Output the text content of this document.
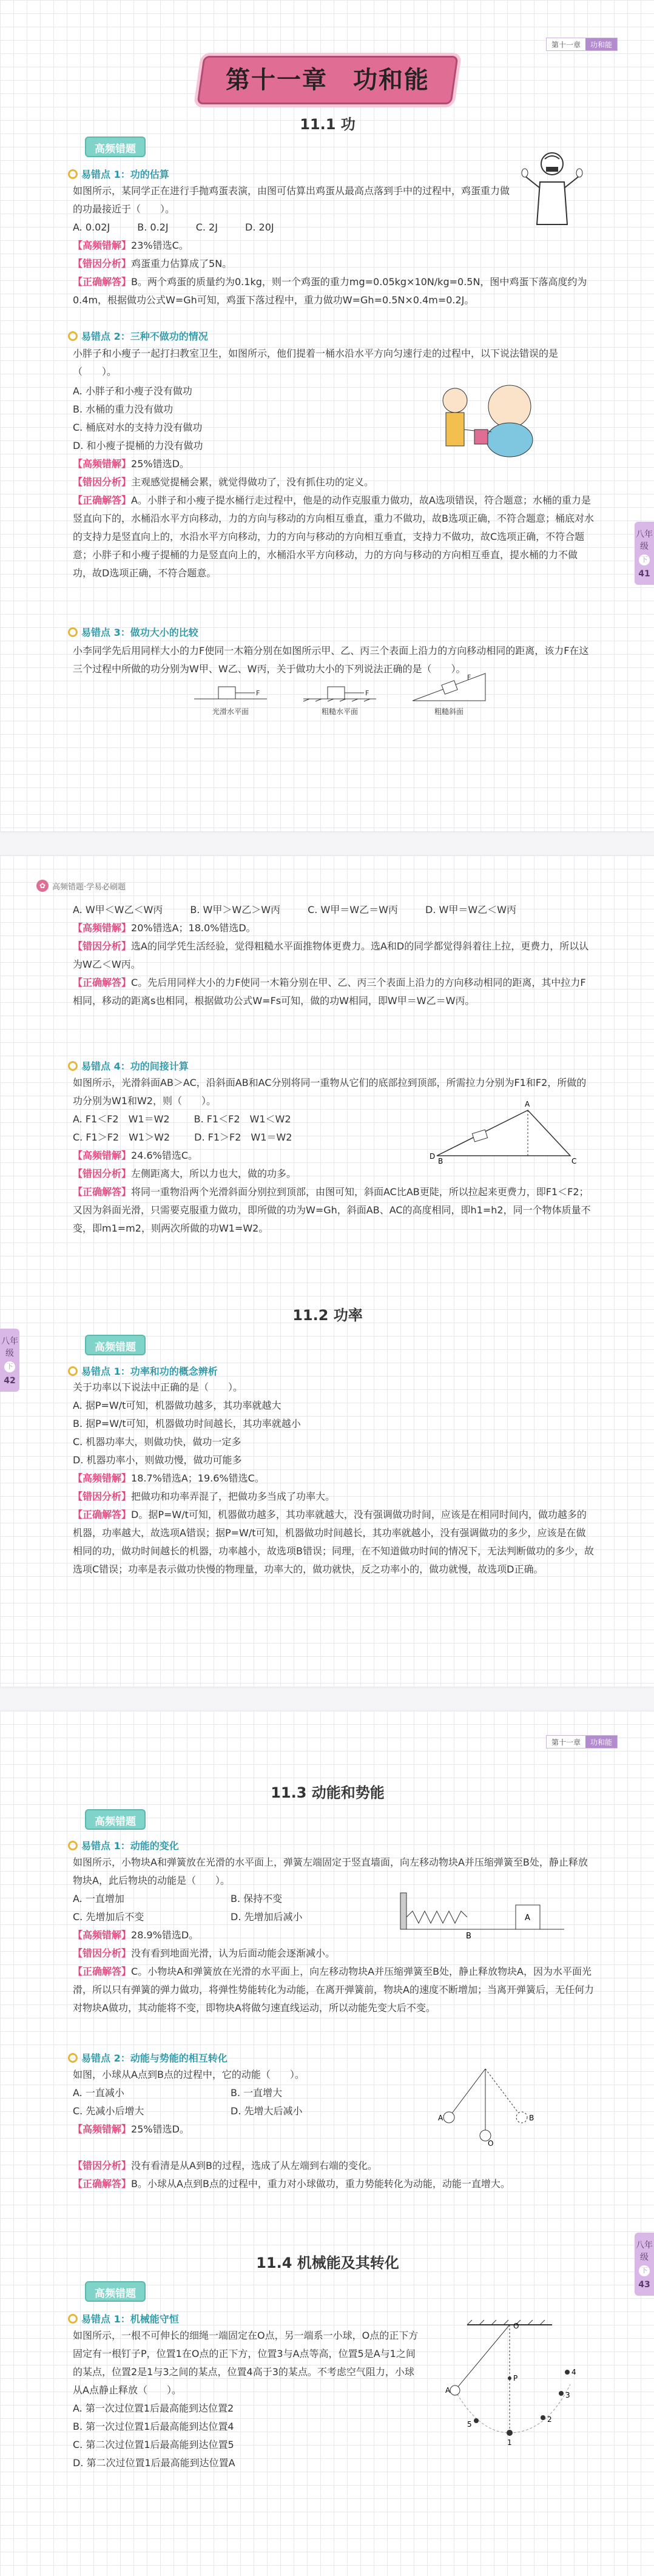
第十一章	功和能
第十一章　功和能
11.1 功
高频错题
易错点 1：功的估算
如图所示，某同学正在进行手抛鸡蛋表演，由图可估算出鸡蛋从最高点落到手中的过程中，鸡蛋重力做的功最接近于（　　）。
A. 0.02J	B. 0.2J	C. 2J	D. 20J
【高频错解】23%错选C。
【错因分析】鸡蛋重力估算成了5N。
【正确解答】B。两个鸡蛋的质量约为0.1kg，则一个鸡蛋的重力mg=0.05kg×10N/kg=0.5N，图中鸡蛋下落高度约为0.4m，根据做功公式W=Gh可知，鸡蛋下落过程中，重力做功W=Gh=0.5N×0.4m=0.2J。
易错点 2：三种不做功的情况
小胖子和小瘦子一起打扫教室卫生，如图所示，他们提着一桶水沿水平方向匀速行走的过程中，以下说法错误的是（　　）。
A. 小胖子和小瘦子没有做功
B. 水桶的重力没有做功
C. 桶底对水的支持力没有做功
D. 和小瘦子提桶的力没有做功
【高频错解】25%错选D。
【错因分析】主观感觉提桶会累，就觉得做功了，没有抓住功的定义。
【正确解答】A。小胖子和小瘦子提水桶行走过程中，他是的动作克服重力做功，故A选项错误，符合题意；水桶的重力是竖直向下的，水桶沿水平方向移动，力的方向与移动的方向相互垂直，重力不做功，故B选项正确，不符合题意；桶底对水的支持力是竖直向上的，水沿水平方向移动，力的方向与移动的方向相互垂直，支持力不做功，故C选项正确，不符合题意；小胖子和小瘦子提桶的力是竖直向上的，水桶沿水平方向移动，力的方向与移动的方向相互垂直，提水桶的力不做功，故D选项正确，不符合题意。
易错点 3：做功大小的比较
小李同学先后用同样大小的力F使同一木箱分别在如图所示甲、乙、丙三个表面上沿力的方向移动相同的距离，该力F在这三个过程中所做的功分别为W甲、W乙、W丙，关于做功大小的下列说法正确的是（　　）。
F
光滑水平面
F
粗糙水平面
F
粗糙斜面
八年级 下
41
✿ 高频错题·学易必刷题
A. W甲＜W乙＜W丙	B. W甲＞W乙＞W丙	C. W甲＝W乙＝W丙	D. W甲＝W乙＜W丙
【高频错解】20%错选A；18.0%错选D。
【错因分析】选A的同学凭生活经验，觉得粗糙水平面推物体更费力。选A和D的同学都觉得斜着往上拉，更费力，所以认为W乙＜W丙。
【正确解答】C。先后用同样大小的力F使同一木箱分别在甲、乙、丙三个表面上沿力的方向移动相同的距离，其中拉力F相同，移动的距离s也相同，根据做功公式W=Fs可知，做的功W相同，即W甲＝W乙＝W丙。
易错点 4：功的间接计算
如图所示，光滑斜面AB＞AC，沿斜面AB和AC分别将同一重物从它们的底部拉到顶部，所需拉力分别为F1和F2，所做的功分别为W1和W2，则（　　）。
A. F1＜F2　W1＝W2	B. F1＜F2　W1＜W2
C. F1＞F2　W1＞W2	D. F1＞F2　W1＝W2
【高频错解】24.6%错选C。
【错因分析】左侧距离大，所以力也大，做的功多。
【正确解答】将同一重物沿两个光滑斜面分别拉到顶部，由图可知，斜面AC比AB更陡，所以拉起来更费力，即F1＜F2；又因为斜面光滑，只需要克服重力做功，即所做的功为W=Gh，斜面AB、AC的高度相同，即h1=h2，同一个物体质量不变，即m1=m2，则两次所做的功W1=W2。
D
A
B	C
11.2 功率
高频错题
易错点 1：功率和功的概念辨析
关于功率以下说法中正确的是（　　）。
A. 据P=W/t可知，机器做功越多，其功率就越大
B. 据P=W/t可知，机器做功时间越长，其功率就越小
C. 机器功率大，则做功快，做功一定多
D. 机器功率小，则做功慢，做功可能多
【高频错解】18.7%错选A；19.6%错选C。
【错因分析】把做功和功率弄混了，把做功多当成了功率大。
【正确解答】D。据P=W/t可知，机器做功越多，其功率就越大，没有强调做功时间，应该是在相同时间内，做功越多的机器，功率越大，故选项A错误；据P=W/t可知，机器做功时间越长，其功率就越小，没有强调做功的多少，应该是在做相同的功，做功时间越长的机器，功率越小，故选项B错误；同理，在不知道做功时间的情况下，无法判断做功的多少，故选项C错误；功率是表示做功快慢的物理量，功率大的，做功就快，反之功率小的，做功就慢，故选项D正确。
八年级 下
42
第十一章	功和能
11.3 动能和势能
高频错题
易错点 1：动能的变化
如图所示，小物块A和弹簧放在光滑的水平面上，弹簧左端固定于竖直墙面，向左移动物块A并压缩弹簧至B处，静止释放物块A，此后物块的动能是（　　）。
A. 一直增加	B. 保持不变
C. 先增加后不变	D. 先增加后减小
【高频错解】28.9%错选D。
A
B
【错因分析】没有看到地面光滑，认为后面动能会逐渐减小。
【正确解答】C。小物块A和弹簧放在光滑的水平面上，向左移动物块A并压缩弹簧至B处，静止释放物块A，因为水平面光滑，所以只有弹簧的弹力做功，将弹性势能转化为动能，在离开弹簧前，物块A的速度不断增加；当离开弹簧后，无任何力对物块A做功，其动能将不变，即物块A将做匀速直线运动，所以动能先变大后不变。
易错点 2：动能与势能的相互转化
如图，小球从A点到B点的过程中，它的动能（　　）。
A. 一直减小	B. 一直增大
C. 先减小后增大	D. 先增大后减小
【高频错解】25%错选D。
A
O
B
【错因分析】没有看清是从A到B的过程，选成了从左端到右端的变化。
【正确解答】B。小球从A点到B点的过程中，重力对小球做功，重力势能转化为动能，动能一直增大。
11.4 机械能及其转化
高频错题
易错点 1：机械能守恒
如图所示，一根不可伸长的细绳一端固定在O点，另一端系一小球，O点的正下方固定有一根钉子P，位置1在O点的正下方，位置3与A点等高，位置5是A与1之间的某点，位置2是1与3之间的某点，位置4高于3的某点。不考虑空气阻力，小球从A点静止释放（　　）。
A. 第一次过位置1后最高能到达位置2
B. 第一次过位置1后最高能到达位置4
C. 第二次过位置1后最高能到达位置5
D. 第二次过位置1后最高能到达位置A
O
P
A
1
2
3
4
5
八年级 下
43
